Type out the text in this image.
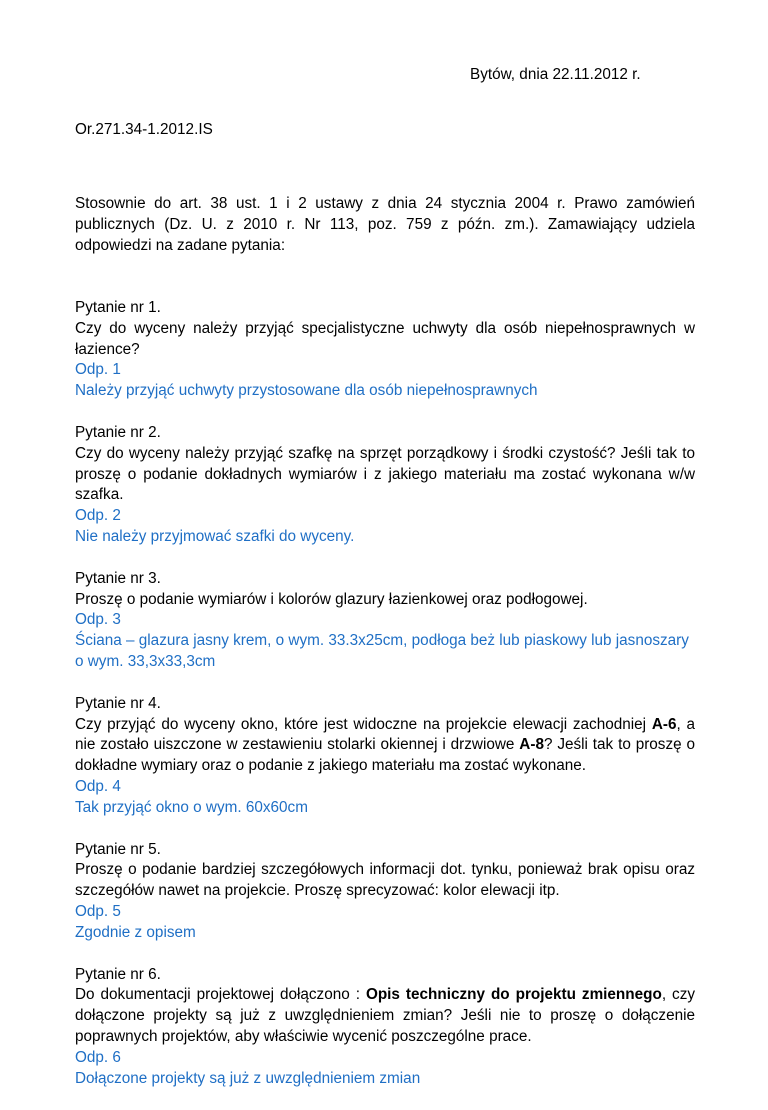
Bytów, dnia 22.11.2012 r.
Or.271.34-1.2012.IS

Stosownie do art. 38 ust. 1 i 2 ustawy z dnia 24 stycznia 2004 r. Prawo zamówień publicznych (Dz. U. z 2010 r. Nr 113, poz. 759 z późn. zm.). Zamawiający udziela odpowiedzi na zadane pytania:

Pytanie nr 1.

Czy do wyceny należy przyjąć specjalistyczne uchwyty dla osób niepełnosprawnych w łazience?

Odp. 1
Należy przyjąć uchwyty przystosowane dla osób niepełnosprawnych
Pytanie nr 2.

Czy do wyceny należy przyjąć szafkę na sprzęt porządkowy i środki czystość? Jeśli tak to proszę o podanie dokładnych wymiarów i z jakiego materiału ma zostać wykonana w/w szafka.

Odp. 2
Nie należy przyjmować szafki do wyceny.
Pytanie nr 3.

Proszę o podanie wymiarów i kolorów glazury łazienkowej oraz podłogowej.

Odp. 3

Ściana – glazura jasny krem, o wym. 33.3x25cm, podłoga beż lub piaskowy lub jasnoszary o wym. 33,3x33,3cm

Pytanie nr 4.

Czy przyjąć do wyceny okno, które jest widoczne na projekcie elewacji zachodniej A-6, a nie zostało uiszczone w zestawieniu stolarki okiennej i drzwiowe A-8? Jeśli tak to proszę o dokładne wymiary oraz o podanie z jakiego materiału ma zostać wykonane.

Odp. 4
Tak przyjąć okno o wym. 60x60cm
Pytanie nr 5.

Proszę o podanie bardziej szczegółowych informacji dot. tynku, ponieważ brak opisu oraz szczegółów nawet na projekcie. Proszę sprecyzować: kolor elewacji itp.

Odp. 5
Zgodnie z opisem
Pytanie nr 6.

Do dokumentacji projektowej dołączono : Opis techniczny do projektu zmiennego, czy dołączone projekty są już z uwzględnieniem zmian? Jeśli nie to proszę o dołączenie poprawnych projektów, aby właściwie wycenić poszczególne prace.

Odp. 6
Dołączone projekty są już z uwzględnieniem zmian
